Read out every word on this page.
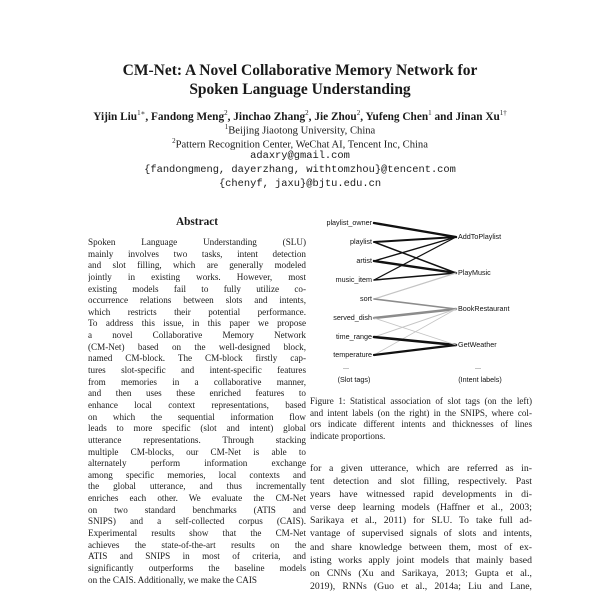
CM-Net: A Novel Collaborative Memory Network for
Spoken Language Understanding
Yijin Liu$^{1∗}$, Fandong Meng$^2$, Jinchao Zhang$^2$, Jie Zhou$^2$, Yufeng Chen$^1$ and Jinan $Xu^{1\dagger}$
$^1$Beijing Jiaotong University, China
$^2$Pattern Recognition Center, WeChat AI, Tencent Inc, China
adaxry@gmail.com
{fandongmeng, dayerzhang, withtomzhou}@tencent.com
{chenyf, jaxu}@bjtu.edu.cn
Abstract
Spoken Language Understanding (SLU)
mainly involves two tasks, intent detection
and slot filling, which are generally modeled
jointly in existing works. However, most
existing models fail to fully utilize co-
occurrence relations between slots and intents,
which restricts their potential performance.
To address this issue, in this paper we propose
a novel Collaborative Memory Network
(CM-Net) based on the well-designed block,
named CM-block. The CM-block firstly cap-
tures slot-specific and intent-specific features
from memories in a collaborative manner,
and then uses these enriched features to
enhance local context representations, based
on which the sequential information flow
leads to more specific (slot and intent) global
utterance representations. Through stacking
multiple CM-blocks, our CM-Net is able to
alternately perform information exchange
among specific memories, local contexts and
the global utterance, and thus incrementally
enriches each other. We evaluate the CM-Net
on two standard benchmarks (ATIS and
SNIPS) and a self-collected corpus (CAIS).
Experimental results show that the CM-Net
achieves the state-of-the-art results on the
ATIS and SNIPS in most of criteria, and
significantly outperforms the baseline models
on the CAIS. Additionally, we make the CAIS
playlist_owner
playlist
artist
music_item
sort
served_dish
time_range
temperature
AddToPlaylist
PlayMusic
BookRestaurant
GetWeather
...	...
(Slot tags)	(Intent labels)
Figure 1: Statistical association of slot tags (on the left)
and intent labels (on the right) in the SNIPS, where col-
ors indicate different intents and thicknesses of lines
indicate proportions.
for a given utterance, which are referred as in-
tent detection and slot filling, respectively. Past
years have witnessed rapid developments in di-
verse deep learning models (Haffner et al., 2003;
Sarikaya et al., 2011) for SLU. To take full ad-
vantage of supervised signals of slots and intents,
and share knowledge between them, most of ex-
isting works apply joint models that mainly based
on CNNs (Xu and Sarikaya, 2013; Gupta et al.,
2019), RNNs (Guo et al., 2014a; Liu and Lane,
